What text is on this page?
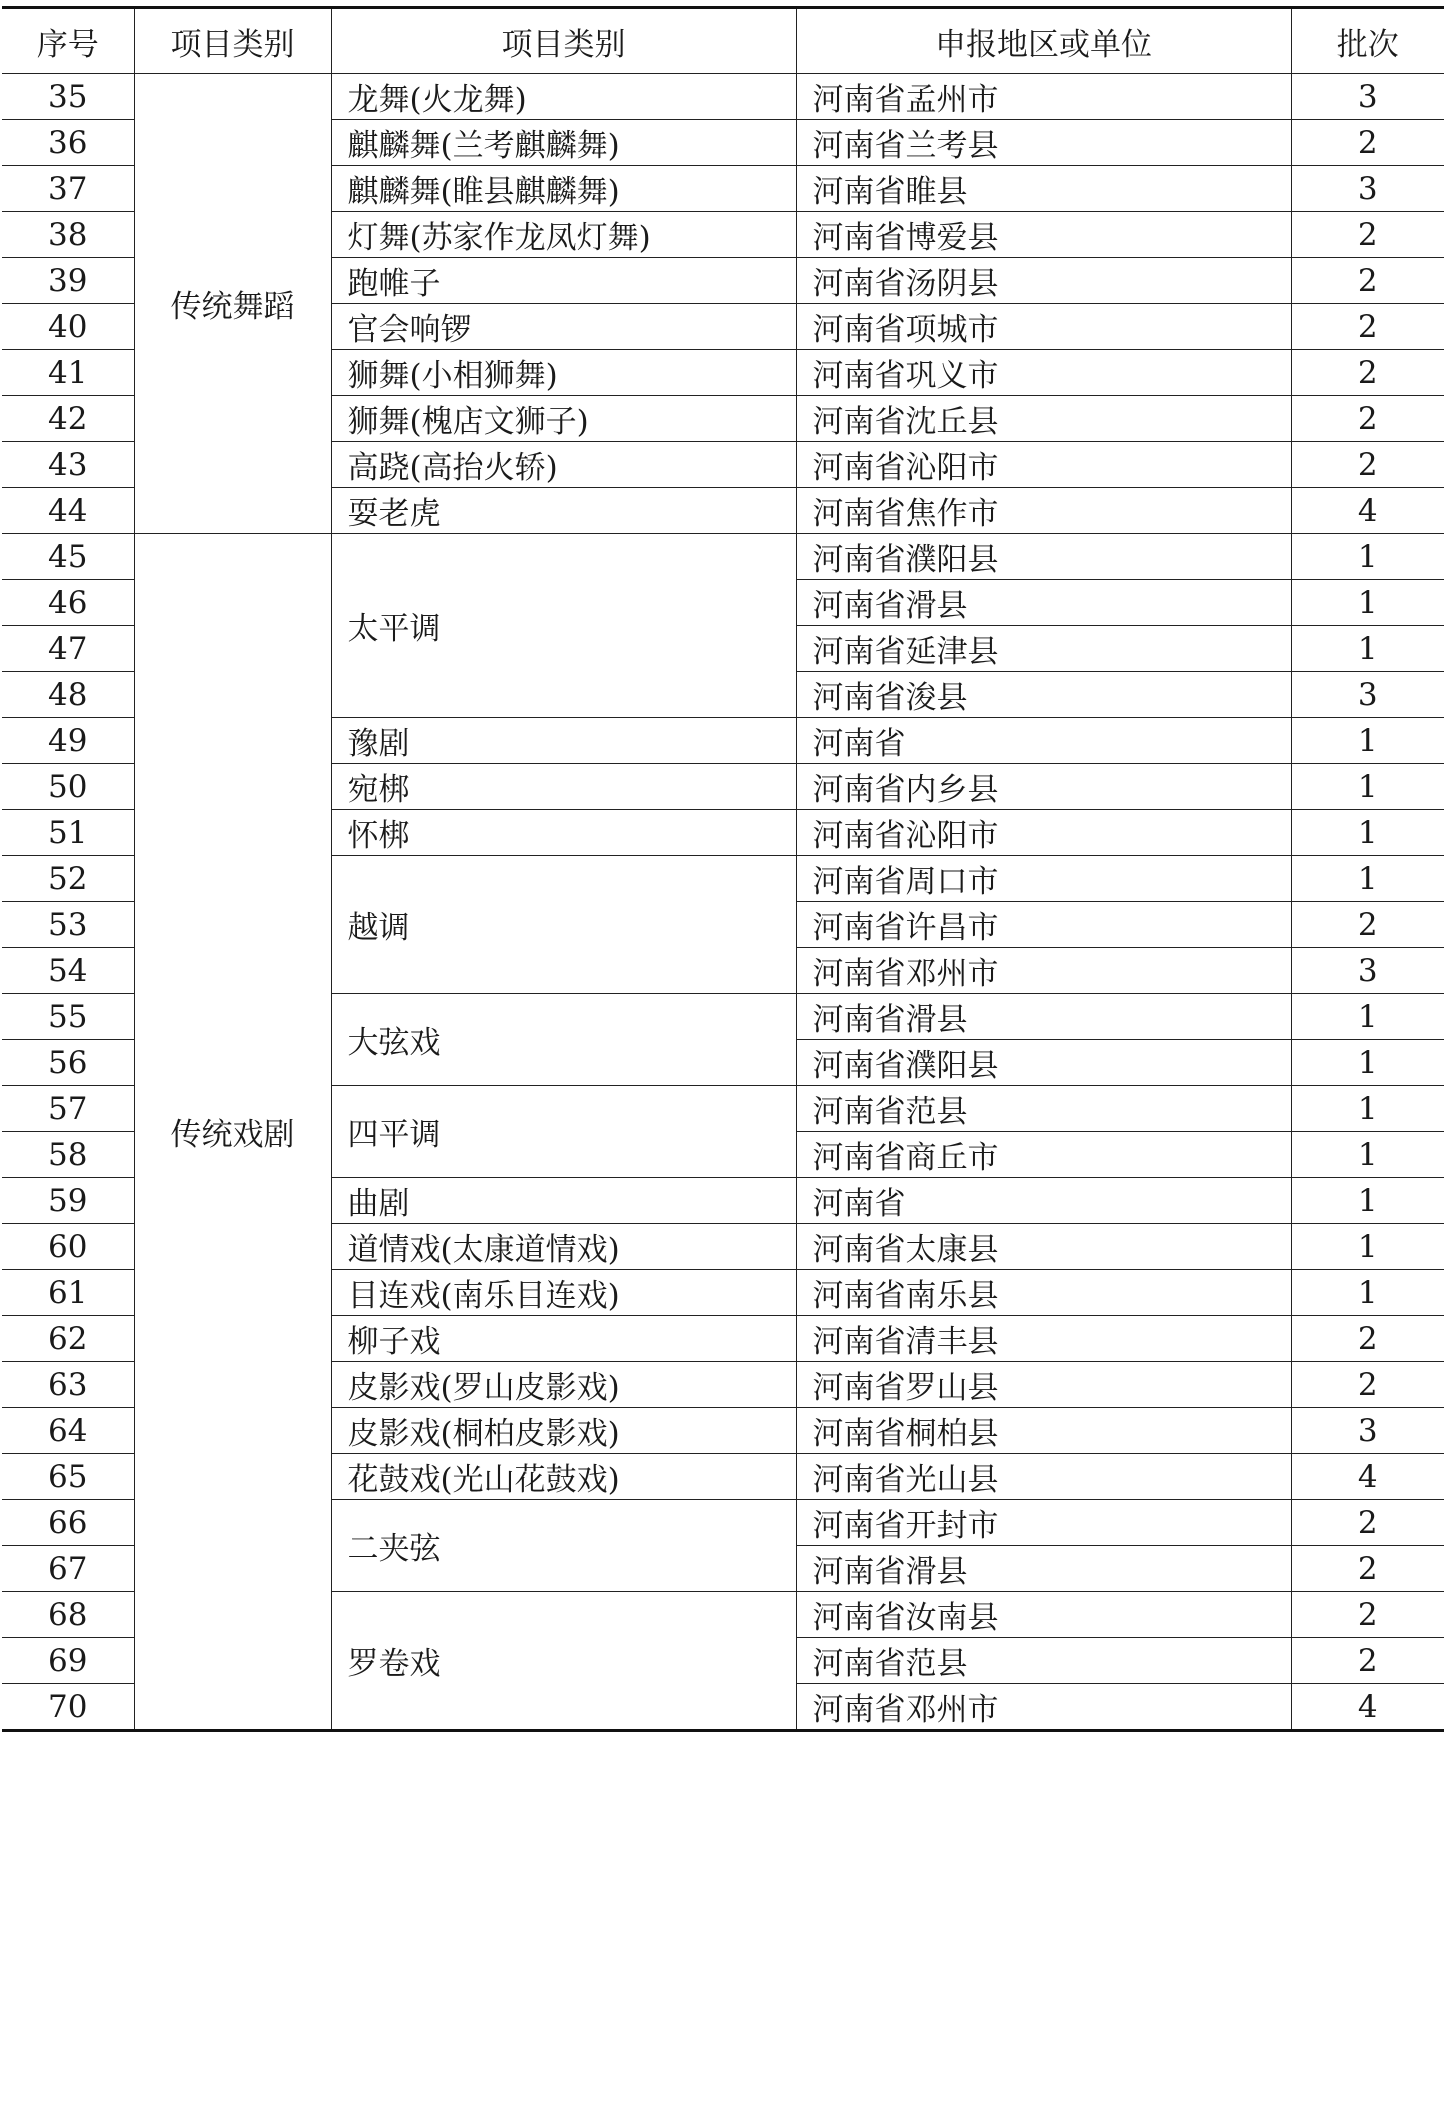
序号	项目类别	项目类别	申报地区或单位	批次
35	传统舞蹈	龙舞(火龙舞)	河南省孟州市	3
36		麒麟舞(兰考麒麟舞)	河南省兰考县	2
37		麒麟舞(睢县麒麟舞)	河南省睢县	3
38		灯舞(苏家作龙凤灯舞)	河南省博爱县	2
39		跑帷子	河南省汤阴县	2
40		官会响锣	河南省项城市	2
41		狮舞(小相狮舞)	河南省巩义市	2
42		狮舞(槐店文狮子)	河南省沈丘县	2
43		高跷(高抬火轿)	河南省沁阳市	2
44		耍老虎	河南省焦作市	4
45	传统戏剧	太平调	河南省濮阳县	1
46			河南省滑县	1
47			河南省延津县	1
48			河南省浚县	3
49		豫剧	河南省	1
50		宛梆	河南省内乡县	1
51		怀梆	河南省沁阳市	1
52		越调	河南省周口市	1
53			河南省许昌市	2
54			河南省邓州市	3
55		大弦戏	河南省滑县	1
56			河南省濮阳县	1
57		四平调	河南省范县	1
58			河南省商丘市	1
59		曲剧	河南省	1
60		道情戏(太康道情戏)	河南省太康县	1
61		目连戏(南乐目连戏)	河南省南乐县	1
62		柳子戏	河南省清丰县	2
63		皮影戏(罗山皮影戏)	河南省罗山县	2
64		皮影戏(桐柏皮影戏)	河南省桐柏县	3
65		花鼓戏(光山花鼓戏)	河南省光山县	4
66		二夹弦	河南省开封市	2
67			河南省滑县	2
68		罗卷戏	河南省汝南县	2
69			河南省范县	2
70			河南省邓州市	4
